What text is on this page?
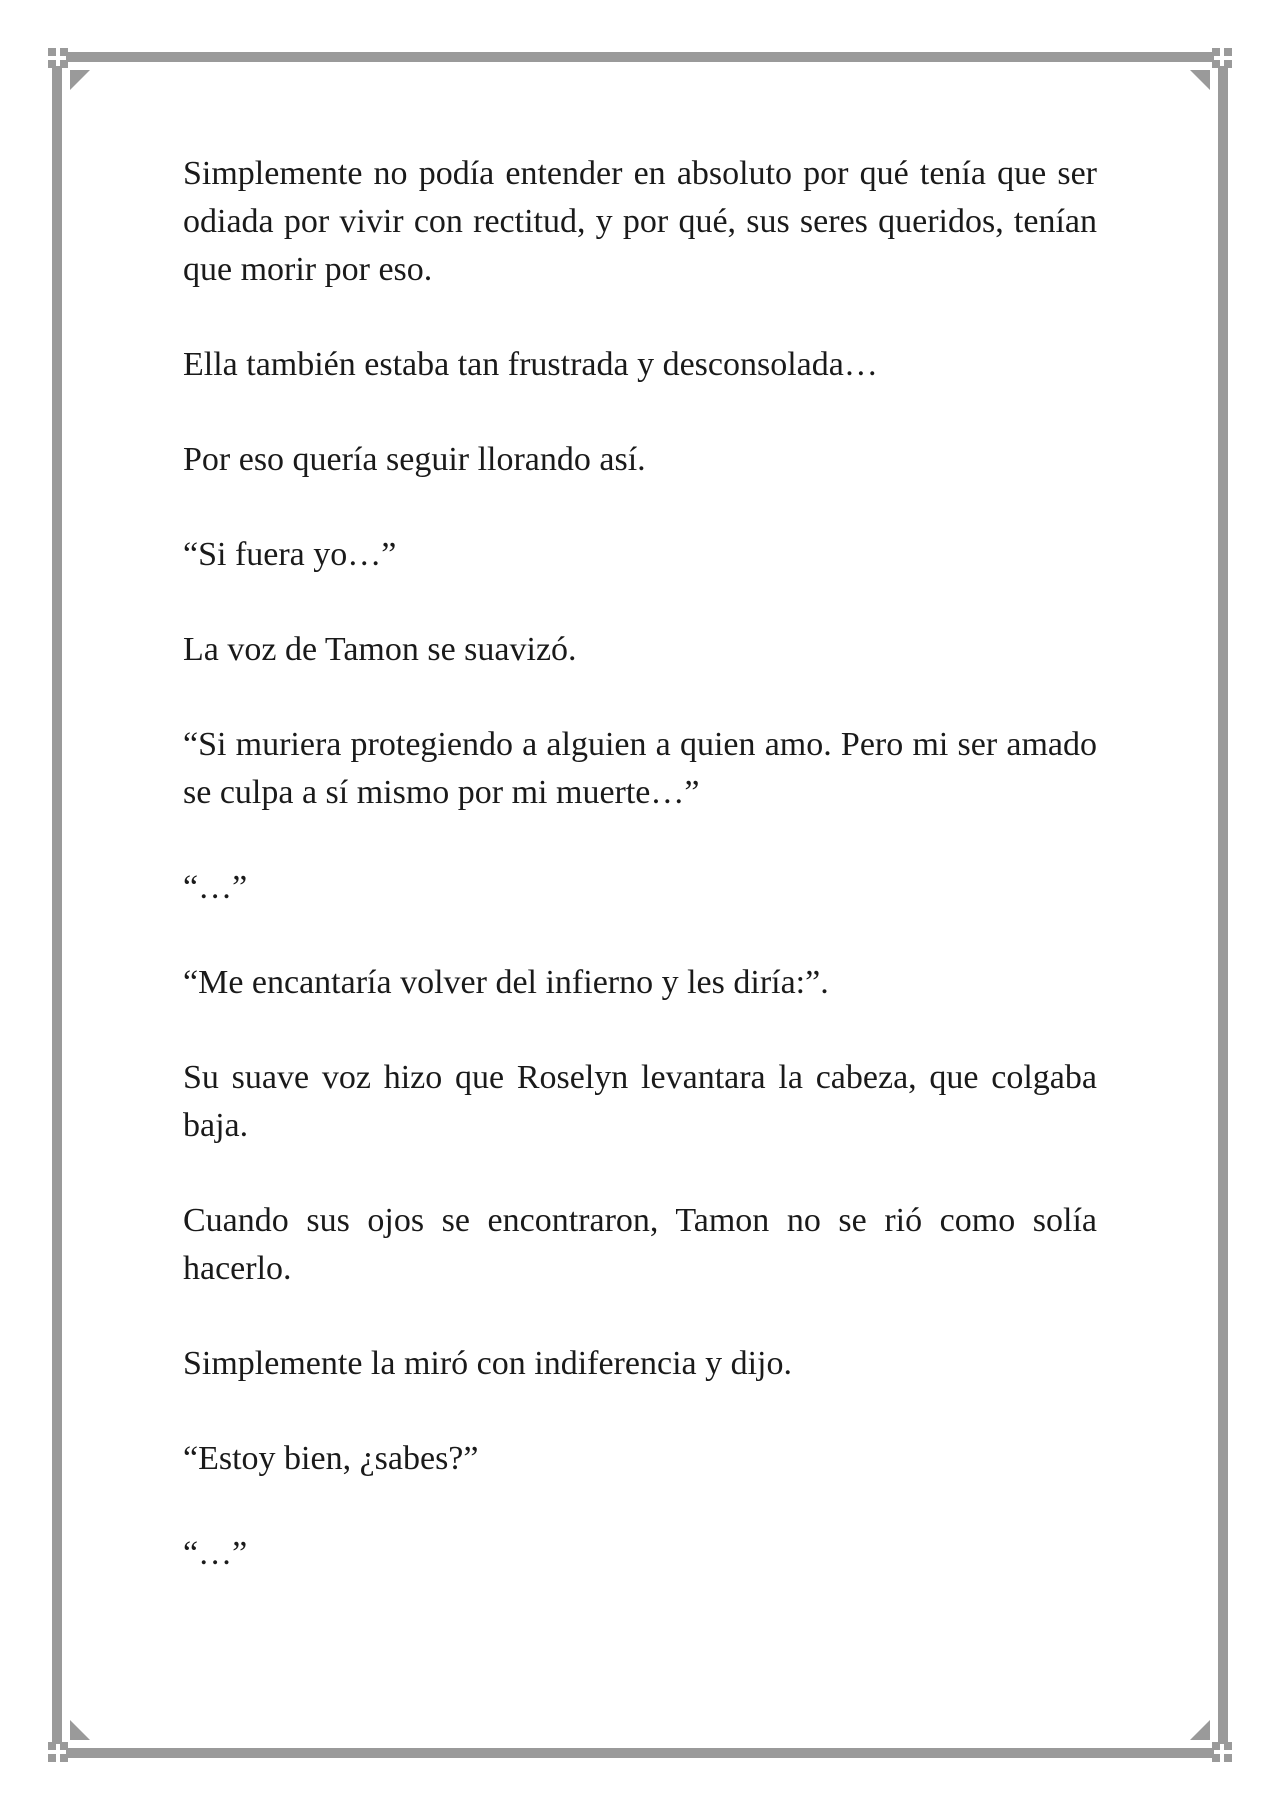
Simplemente no podía entender en absoluto por qué tenía que ser odiada por vivir con rectitud, y por qué, sus seres queridos, tenían que morir por eso.

Ella también estaba tan frustrada y desconsolada…

Por eso quería seguir llorando así.

“Si fuera yo…”

La voz de Tamon se suavizó.

“Si muriera protegiendo a alguien a quien amo. Pero mi ser amado se culpa a sí mismo por mi muerte…”

“…”

“Me encantaría volver del infierno y les diría:”.

Su suave voz hizo que Roselyn levantara la cabeza, que colgaba baja.

Cuando sus ojos se encontraron, Tamon no se rió como solía hacerlo.

Simplemente la miró con indiferencia y dijo.

“Estoy bien, ¿sabes?”

“…”
